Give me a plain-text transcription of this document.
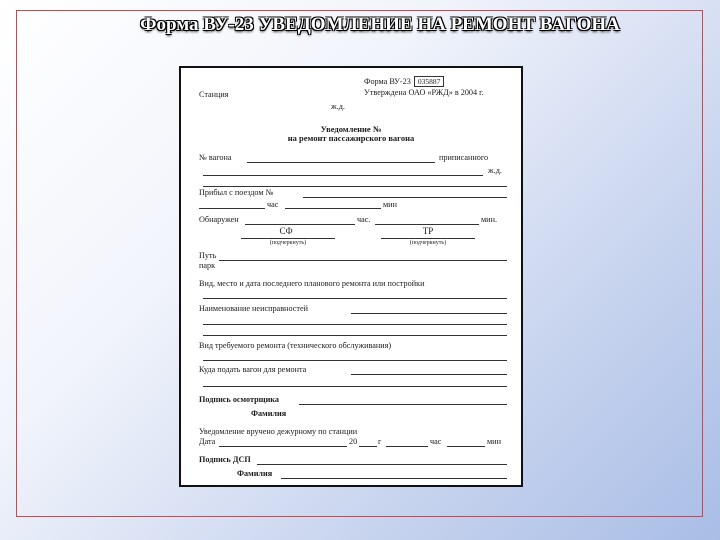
Форма ВУ-23 УВЕДОМЛЕНИЕ НА РЕМОНТ ВАГОНА
Форма ВУ-23 035887
Станция	Утверждена ОАО «РЖД» в 2004 г.
ж.д.
Уведомление №
на ремонт пассажирского вагона
№ вагона	приписанного
ж.д.
Прибыл с поездом №
час	мин
Обнаружен	час.	мин.
СФ
(подчеркнуть)
ТР
(подчеркнуть)
Путь
парк
Вид, место и дата последнего планового ремонта или постройки
Наименование неисправностей
Вид требуемого ремонта (технического обслуживания)
Куда подать вагон для ремонта
Подпись осмотрщика
Фамилия
Уведомление вручено дежурному по станции
Дата	20	г	час	мин
Подпись ДСП
Фамилия
